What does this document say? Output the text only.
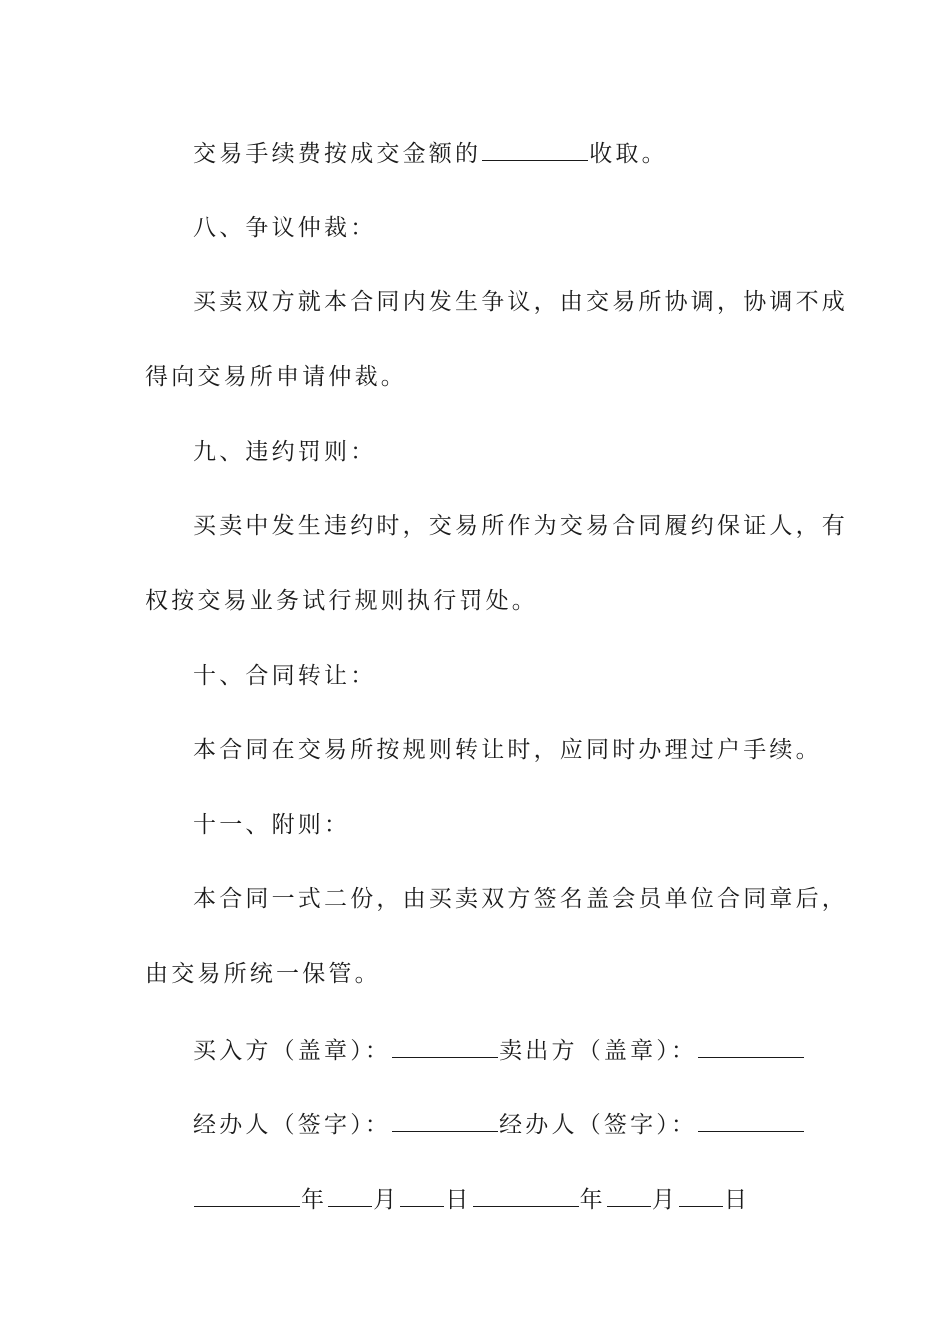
交易手续费按成交金额的	收取。
八、争议仲裁：
买卖双方就本合同内发生争议，由交易所协调，协调不成
得向交易所申请仲裁。
九、违约罚则：
买卖中发生违约时，交易所作为交易合同履约保证人，有
权按交易业务试行规则执行罚处。
十、合同转让：
本合同在交易所按规则转让时，应同时办理过户手续。
十一、附则：
本合同一式二份，由买卖双方签名盖会员单位合同章后，
由交易所统一保管。
买入方（盖章）：	卖出方（盖章）：
经办人（签字）：	经办人（签字）：
年 月 日	年 月 日
